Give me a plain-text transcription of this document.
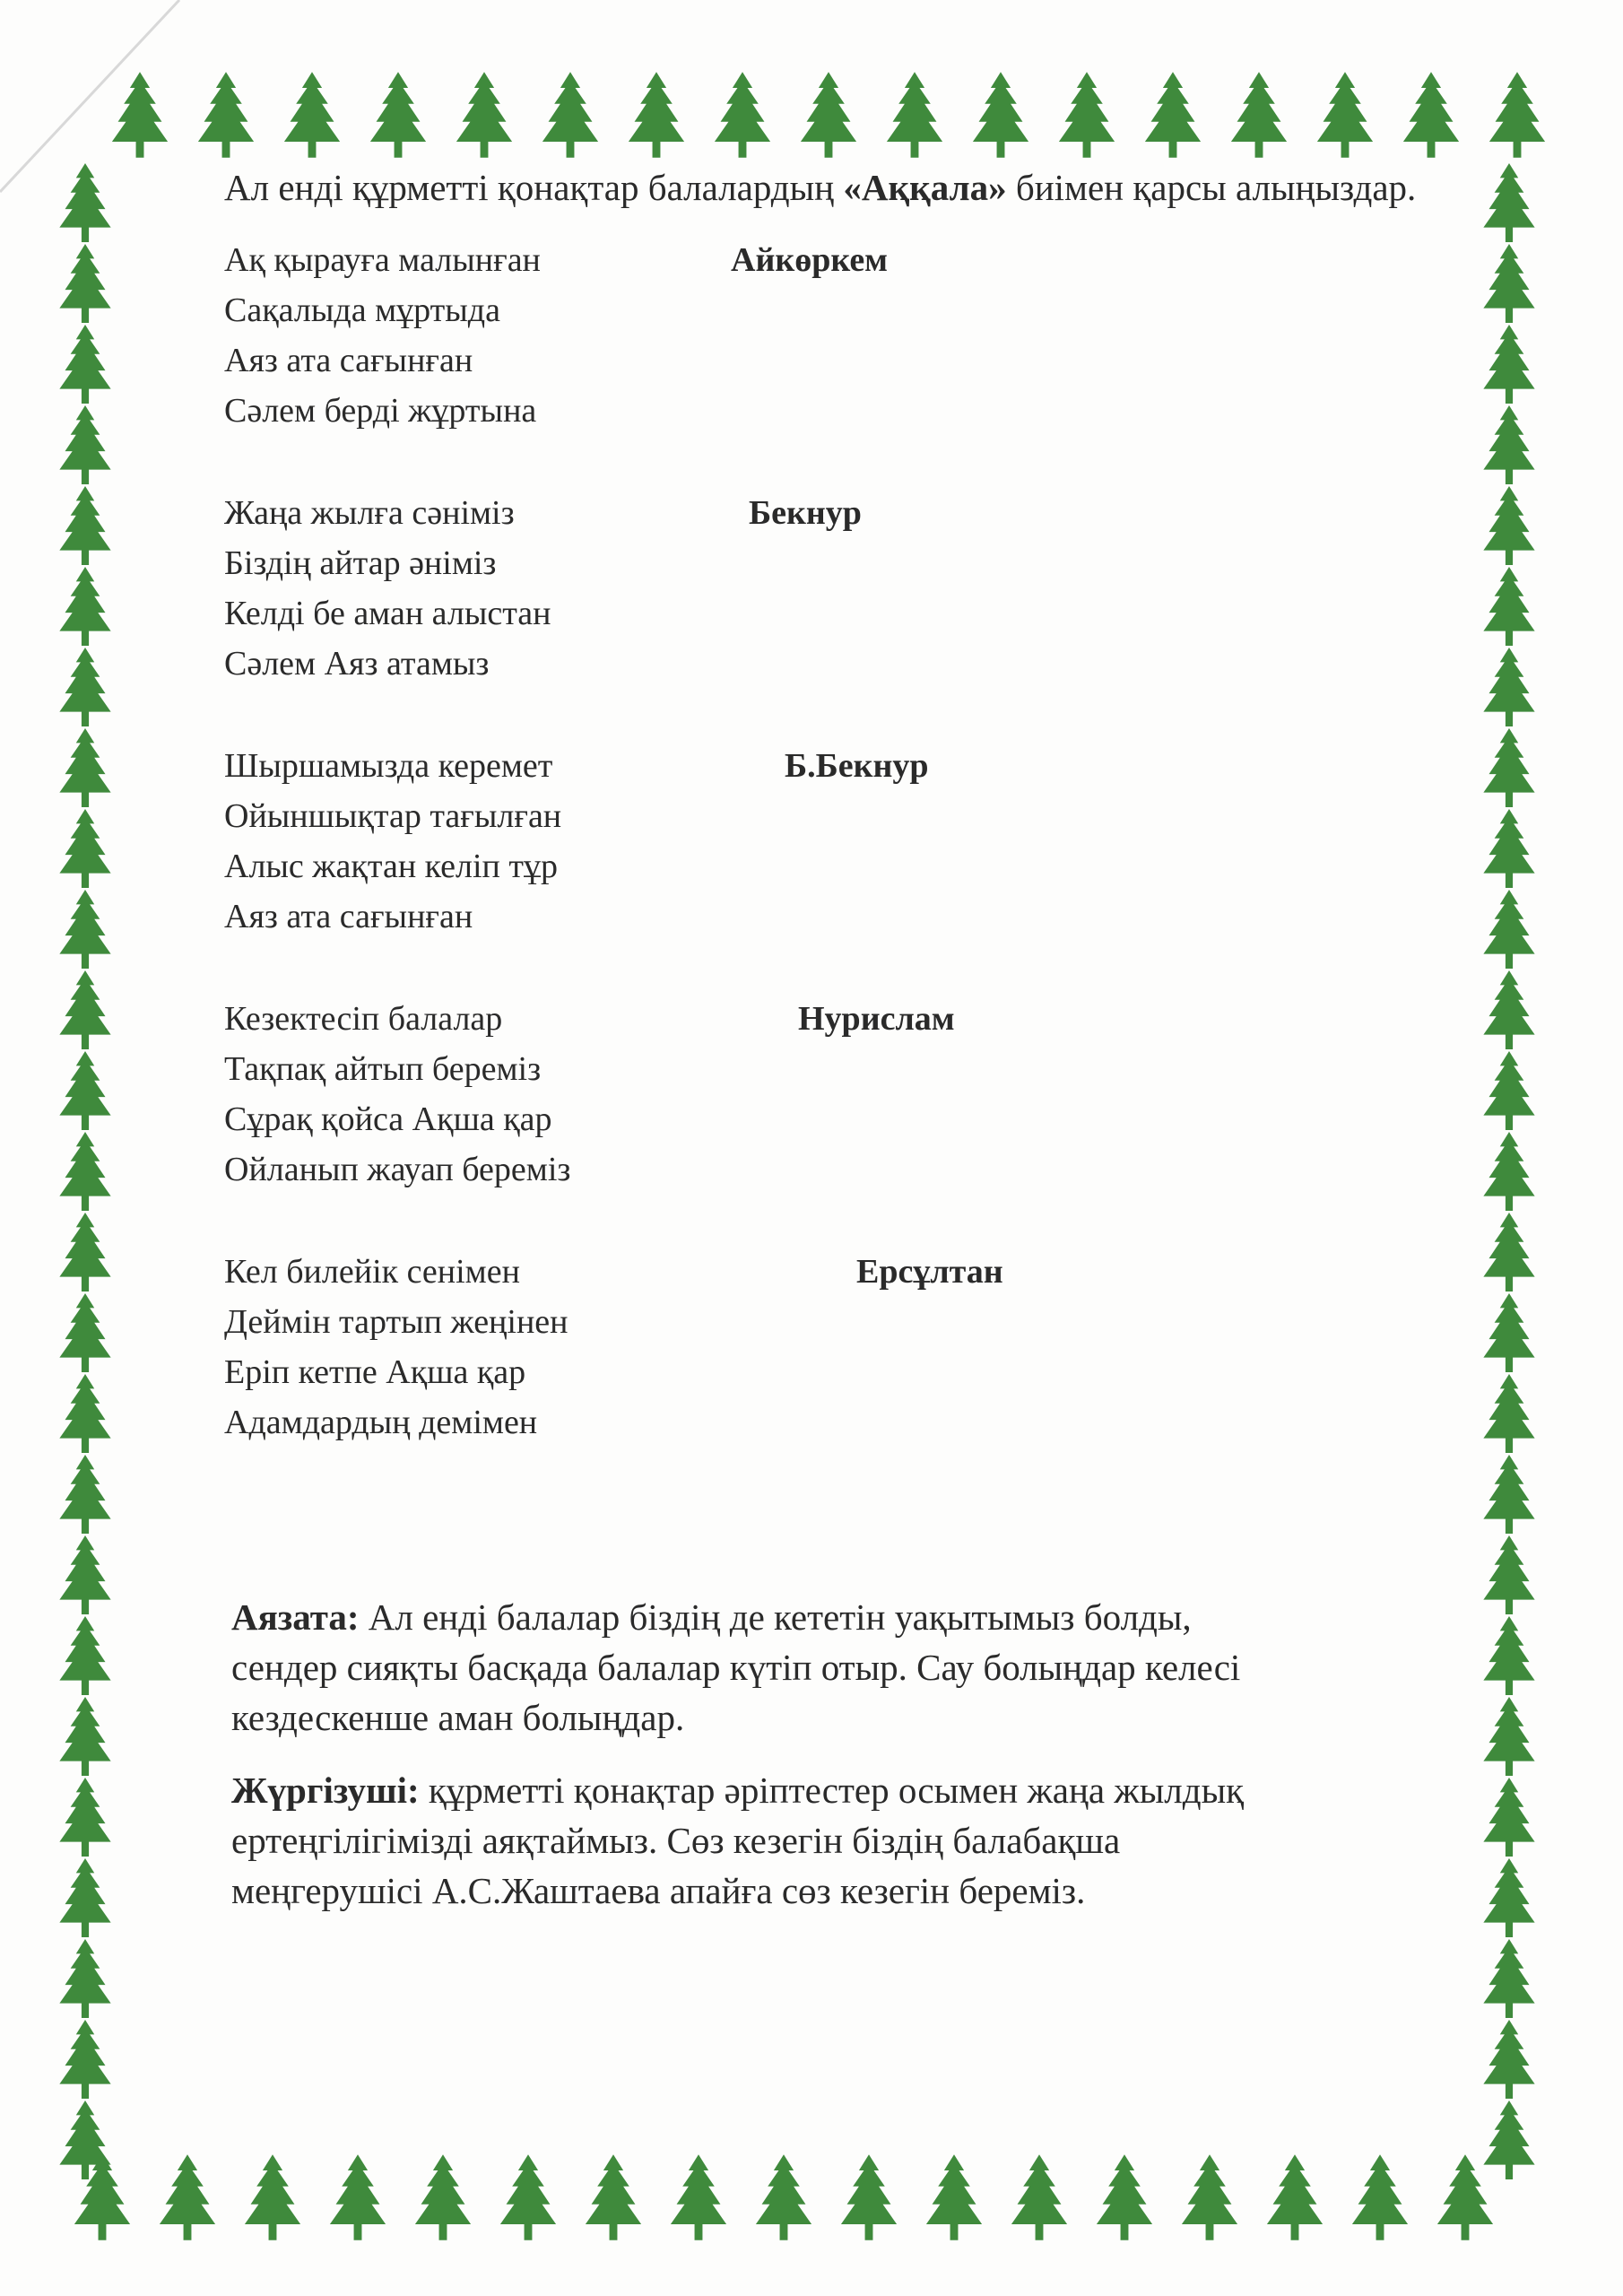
Ал енді құрметті қонақтар балалардың «Аққала» биімен қарсы алыңыздар.

Ақ қырауға малынған
Сақалыда мұртыда
Аяз ата сағынған
Сәлем берді жұртына
Айкөркем
Жаңа жылға сәніміз
Біздің айтар әніміз
Келді бе аман алыстан
Сәлем Аяз атамыз
Бекнур
Шыршамызда керемет
Ойыншықтар тағылған
Алыс жақтан келіп тұр
Аяз ата сағынған
Б.Бекнур
Кезектесіп балалар
Тақпақ айтып береміз
Сұрақ қойса Ақша қар
Ойланып жауап береміз
Нурислам
Кел билейік сенімен
Деймін тартып жеңінен
Еріп кетпе Ақша қар
Адамдардың демімен
Ерсұлтан

Аязата: Ал енді балалар біздің де кететін уақытымыз болды,

сендер сияқты басқада балалар күтіп отыр. Сау болыңдар келесі

кездескенше аман болыңдар.

Жүргізуші: құрметті қонақтар әріптестер осымен жаңа жылдық

ертеңгілігімізді аяқтаймыз. Сөз кезегін біздің балабақша

меңгерушісі А.С.Жаштаева апайға сөз кезегін береміз.
